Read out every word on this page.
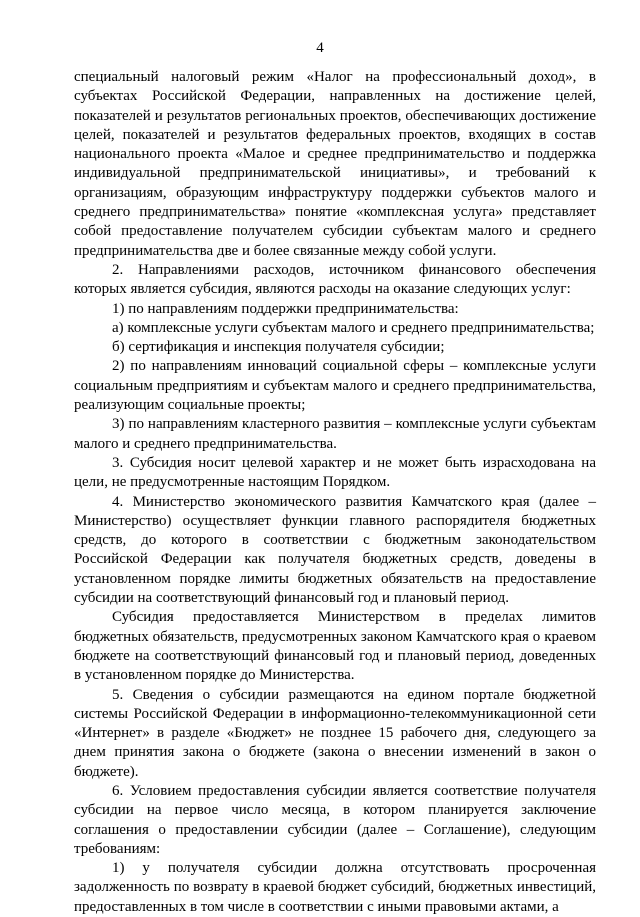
4

специальный налоговый режим «Налог на профессиональный доход», в субъектах Российской Федерации, направленных на достижение целей, показателей и результатов региональных проектов, обеспечивающих достижение целей, показателей и результатов федеральных проектов, входящих в состав национального проекта «Малое и среднее предпринимательство и поддержка индивидуальной предпринимательской инициативы», и требований к организациям, образующим инфраструктуру поддержки субъектов малого и среднего предпринимательства» понятие «комплексная услуга» представляет собой предоставление получателем субсидии субъектам малого и среднего предпринимательства две и более связанные между собой услуги.

2. Направлениями расходов, источником финансового обеспечения которых является субсидия, являются расходы на оказание следующих услуг:

1) по направлениям поддержки предпринимательства:

а) комплексные услуги субъектам малого и среднего предпринимательства;

б) сертификация и инспекция получателя субсидии;

2) по направлениям инноваций социальной сферы – комплексные услуги социальным предприятиям и субъектам малого и среднего предпринимательства, реализующим социальные проекты;

3) по направлениям кластерного развития – комплексные услуги субъектам малого и среднего предпринимательства.

3. Субсидия носит целевой характер и не может быть израсходована на цели, не предусмотренные настоящим Порядком.

4. Министерство экономического развития Камчатского края (далее – Министерство) осуществляет функции главного распорядителя бюджетных средств, до которого в соответствии с бюджетным законодательством Российской Федерации как получателя бюджетных средств, доведены в установленном порядке лимиты бюджетных обязательств на предоставление субсидии на соответствующий финансовый год и плановый период.

Субсидия предоставляется Министерством в пределах лимитов бюджетных обязательств, предусмотренных законом Камчатского края о краевом бюджете на соответствующий финансовый год и плановый период, доведенных в установленном порядке до Министерства.

5. Сведения о субсидии размещаются на едином портале бюджетной системы Российской Федерации в информационно-телекоммуникационной сети «Интернет» в разделе «Бюджет» не позднее 15 рабочего дня, следующего за днем принятия закона о бюджете (закона о внесении изменений в закон о бюджете).

6. Условием предоставления субсидии является соответствие получателя субсидии на первое число месяца, в котором планируется заключение соглашения о предоставлении субсидии (далее – Соглашение), следующим требованиям:

1) у получателя субсидии должна отсутствовать просроченная задолженность по возврату в краевой бюджет субсидий, бюджетных инвестиций, предоставленных в том числе в соответствии с иными правовыми актами, а
